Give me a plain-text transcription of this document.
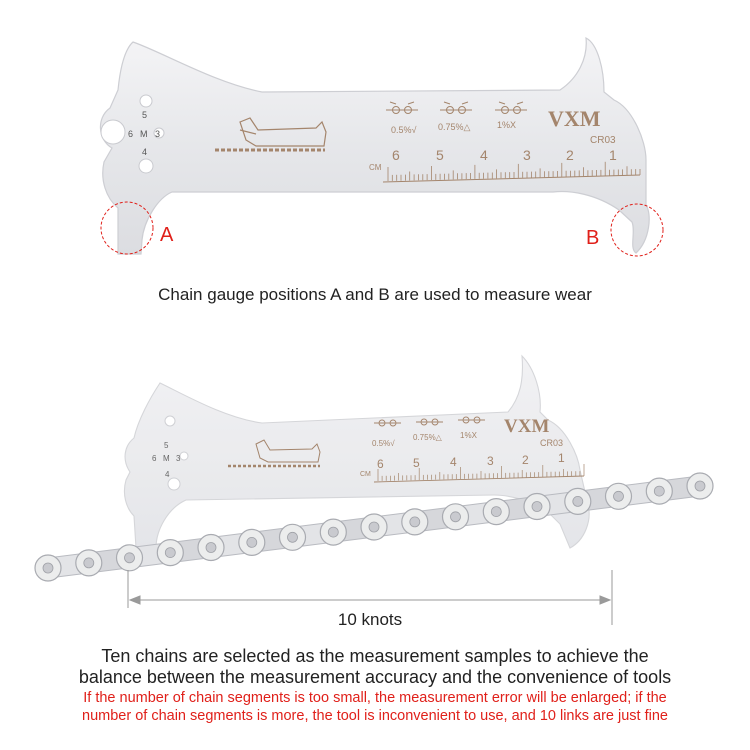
5
6 M 3
4
0.5%√ 0.75%△	1%X VXM
CR03
6	5	4	3	2	1
CM
A	B
5
6 M 3
4
0.5%√
0.75%△ 1%X VXM
CR03
6 5	4	3 2 1
CM

Chain gauge positions A and B are used to measure wear

10 knots

Ten chains are selected as the measurement samples to achieve the

balance between the measurement accuracy and the convenience of tools

If the number of chain segments is too small, the measurement error will be enlarged; if the

number of chain segments is more, the tool is inconvenient to use, and 10 links are just fine
